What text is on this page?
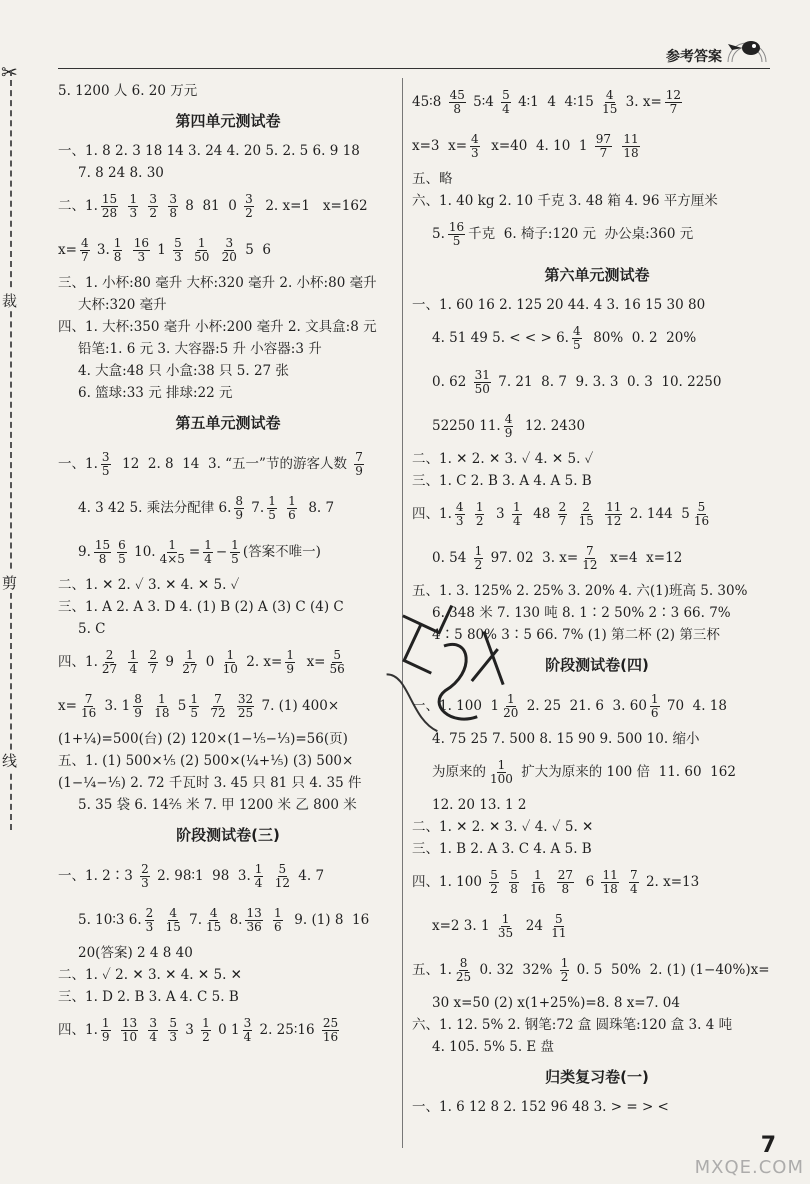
✂
裁
剪
线
参考答案
5. 1200 人 6. 20 万元
第四单元测试卷
一、1. 8 2. 3 18 14 3. 24 4. 20 5. 2. 5 6. 9 18
7. 8 24 8. 30
二、1. $\frac{15}{28}$
$\frac{1}{3}$
$\frac{3}{2}$
$\frac{3}{8} 8$  81  $0 \frac{3}{2} 2$. x=1   x=162
$x= \frac{4}{7} 3$. $\frac{1}{8}$
$\frac{16}{3} 1 \frac{5}{3}$
$\frac{1}{50}$
$\frac{3}{20} 5$  6
三、1. 小杯:80 毫升 大杯:320 毫升 2. 小杯:80 毫升
大杯:320 毫升
四、1. 大杯:350 毫升 小杯:200 毫升 2. 文具盒:8 元
铅笔:1. 6 元 3. 大容器:5 升 小容器:3 升
4. 大盒:48 只 小盒:38 只 5. 27 张
6. 篮球:33 元 排球:22 元
第五单元测试卷
一、1. $\frac{3}{5} 12$  2. 8  14  3. “五一”节的游客人数 $\frac{7}{9}$
4. 3 42 5. 乘法分配律 6. $\frac{8}{9} 7$. $\frac{1}{5}$
$\frac{1}{6} 8$. 7
9. $\frac{15}{8} \frac{6}{5} 10$. $\frac{1}{4\times 5} = \frac{1}{4} - \frac{1}{5}$ (答案不唯一)
二、1. ✕ 2. ✓ 3. ✕ 4. ✕ 5. ✓
三、1. A 2. A 3. D 4. (1) B (2) A (3) C (4) C
5. C
四、1. $\frac{2}{27}$
$\frac{1}{4}$
$\frac{2}{7} 9 \frac{1}{27} 0 \frac{1}{10} 2$. $x= \frac{1}{9} x= \frac{5}{56}$
$x= \frac{7}{16} 3$. $1 \frac{8}{9}$
$\frac{1}{18} 5 \frac{1}{5}$
$\frac{7}{72}$
$\frac{32}{25} 7$. (1) 400×
(1+¼)=500(台) (2) 120×(1−⅕−⅓)=56(页)
五、1. (1) 500×⅕ (2) 500×(¼+⅕) (3) 500×
(1−¼−⅕) 2. 72 千瓦时 3. 45 只 81 只 4. 35 件
5. 35 袋 6. 14⅖ 米 7. 甲 1200 米 乙 800 米
阶段测试卷(三)
一、1. 2∶3
$\frac{2}{3} 2$. 98∶1  98  3. $\frac{1}{4}$
$\frac{5}{12} 4$. 7
5. 10∶3 6. $\frac{2}{3}$
$\frac{4}{15} 7$. $\frac{4}{15} 8$. $\frac{13}{36}$
$\frac{1}{6} 9$. (1) 8  16
20(答案) 2 4 8 40
二、1. ✓ 2. ✕ 3. ✕ 4. ✕ 5. ✕
三、1. D 2. B 3. A 4. C 5. B
四、1. $\frac{1}{9}$
$\frac{13}{10}$
$\frac{3}{4}$
$\frac{5}{3} 3 \frac{1}{2} 0$ $1 \frac{3}{4} 2$. 25∶16 $\frac{25}{16}$
45∶8
$\frac{45}{8}$ 5∶4 $\frac{5}{4}$ 4∶1  4  4∶15 $\frac{4}{15} 3$. $x= \frac{12}{7}$
x=3 $x= \frac{4}{3} x=40$  4. 10  $1 \frac{97}{7}$
$\frac{11}{18}$
五、略
六、1. 40 kg 2. 10 千克 3. 48 箱 4. 96 平方厘米
5. $\frac{16}{5}$ 千克  6. 椅子:120 元  办公桌:360 元
第六单元测试卷
一、1. 60 16 2. 125 20 44. 4 3. 16 15 30 80
4. 51 49 5. < < > 6. $\frac{4}{5} 80\%$  0. 2  20%
0. 62
$\frac{31}{50} 7$. 21  8. 7  9. 3. 3  0. 3  10. 2250
52250 11. $\frac{4}{9} 12$. 2430
二、1. ✕ 2. ✕ 3. ✓ 4. ✕ 5. ✓
三、1. C 2. B 3. A 4. A 5. B
四、1. $\frac{4}{3}$
$\frac{1}{2} 3 \frac{1}{4} 48 \frac{2}{7}$
$\frac{2}{15}$
$\frac{11}{12} 2$. 144  $5 \frac{5}{16}$
0. 54
$\frac{1}{2} 97$. 02  3. $x= \frac{7}{12} x=4$  x=12
五、1. 3. 125% 2. 25% 3. 20% 4. 六(1)班高 5. 30%
6. 348 米 7. 130 吨 8. 1∶2 50% 2∶3 66. 7%
4∶5 80% 3∶5 66. 7% (1) 第二杯 (2) 第三杯
阶段测试卷(四)
一、1. 100 $1 \frac{1}{20} 2$. 25  21. 6  3. $60 \frac{1}{6} 70$  4. 18
4. 75 25 7. 500 8. 15 90 9. 500 10. 缩小
为原来的 $\frac{1}{100}$ 扩大为原来的 100 倍  11. 60  162
12. 20 13. 1 2
二、1. ✕ 2. ✕ 3. ✓ 4. ✓ 5. ✕
三、1. B 2. A 3. C 4. A 5. B
四、1. 100
$\frac{5}{2}$
$\frac{5}{8}$
$\frac{1}{16}$
$\frac{27}{8} 6 \frac{11}{18}$
$\frac{7}{4} 2$. x=13
x=2 3. 1
$\frac{1}{35} 24 \frac{5}{11}$
五、1. $\frac{8}{25} 0$. 32  $32\% \frac{1}{2} 0$. 5  50%  2. (1) (1−40%)x=
30 x=50 (2) x(1+25%)=8. 8 x=7. 04
六、1. 12. 5% 2. 钢笔:72 盒 圆珠笔:120 盒 3. 4 吨
4. 105. 5% 5. E 盘
归类复习卷(一)
一、1. 6 12 8 2. 152 96 48 3. > = > <
7
MXQE.COM
